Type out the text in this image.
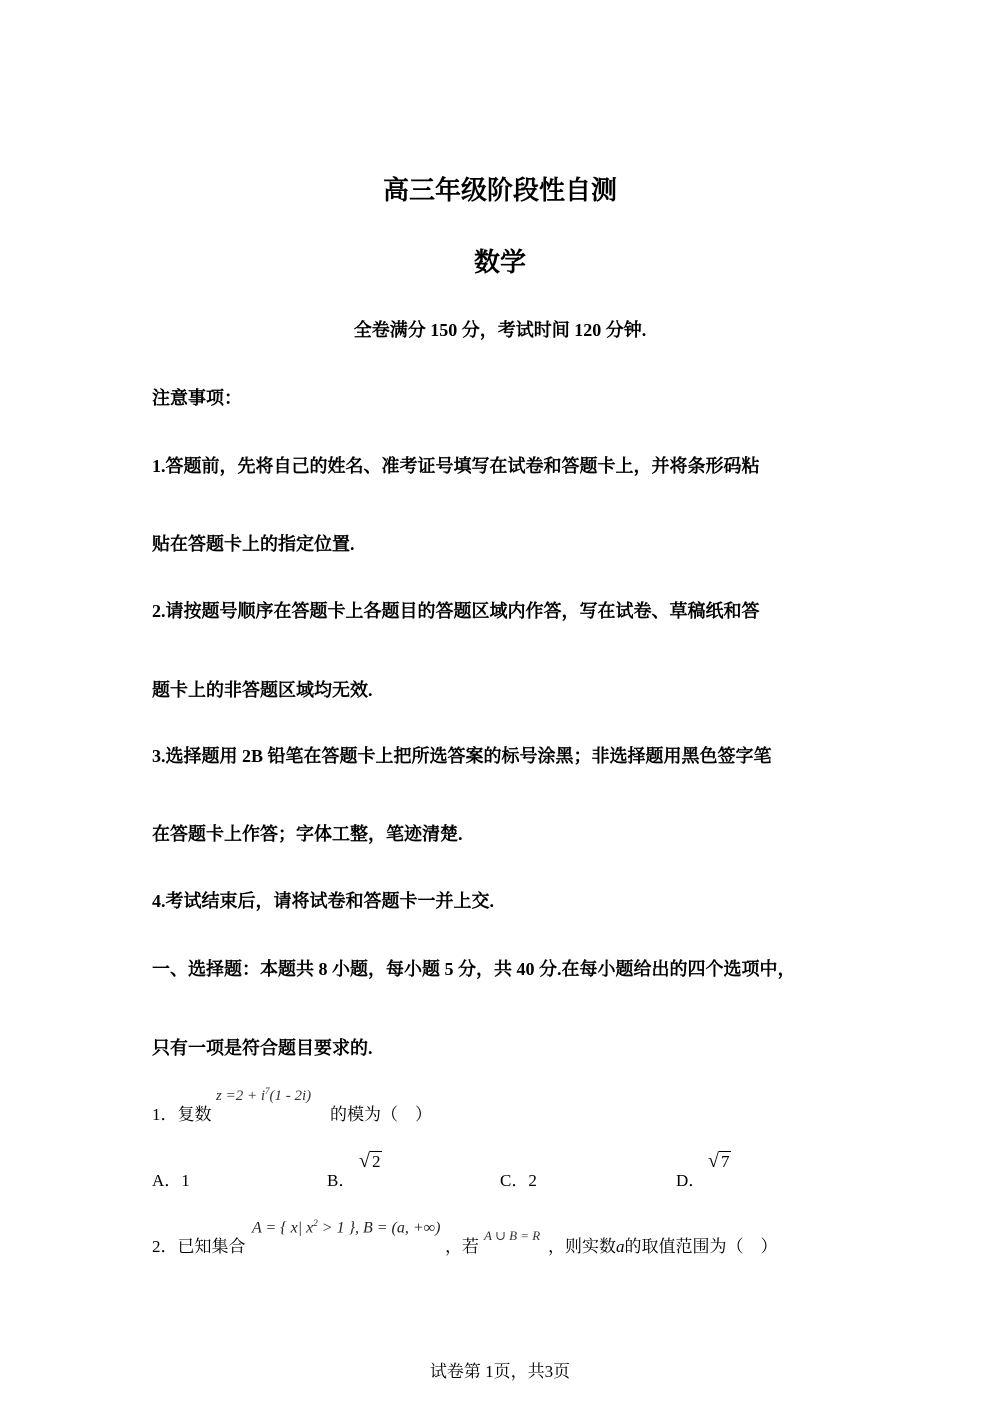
高三年级阶段性自测
数学
全卷满分 150 分，考试时间 120 分钟.
注意事项：
1.答题前，先将自己的姓名、准考证号填写在试卷和答题卡上，并将条形码粘
贴在答题卡上的指定位置.
2.请按题号顺序在答题卡上各题目的答题区域内作答，写在试卷、草稿纸和答
题卡上的非答题区域均无效.
3.选择题用 2B 铅笔在答题卡上把所选答案的标号涂黑；非选择题用黑色签字笔
在答题卡上作答；字体工整，笔迹清楚.
4.考试结束后，请将试卷和答题卡一并上交.
一、选择题：本题共 8 小题，每小题 5 分，共 40 分.在每小题给出的四个选项中，
只有一项是符合题目要求的.
1．复数
$z =2 + i^7(1 - 2i)$
的模为（　）
A．1	B．
√ 2
C．2	D．
√ 7
2．已知集合
A = { x| $x^2 > 1$ }, B = (a, +∞)
，若
A ∪ B = R
，则实数a的取值范围为（　）
试卷第 1页，共3页
